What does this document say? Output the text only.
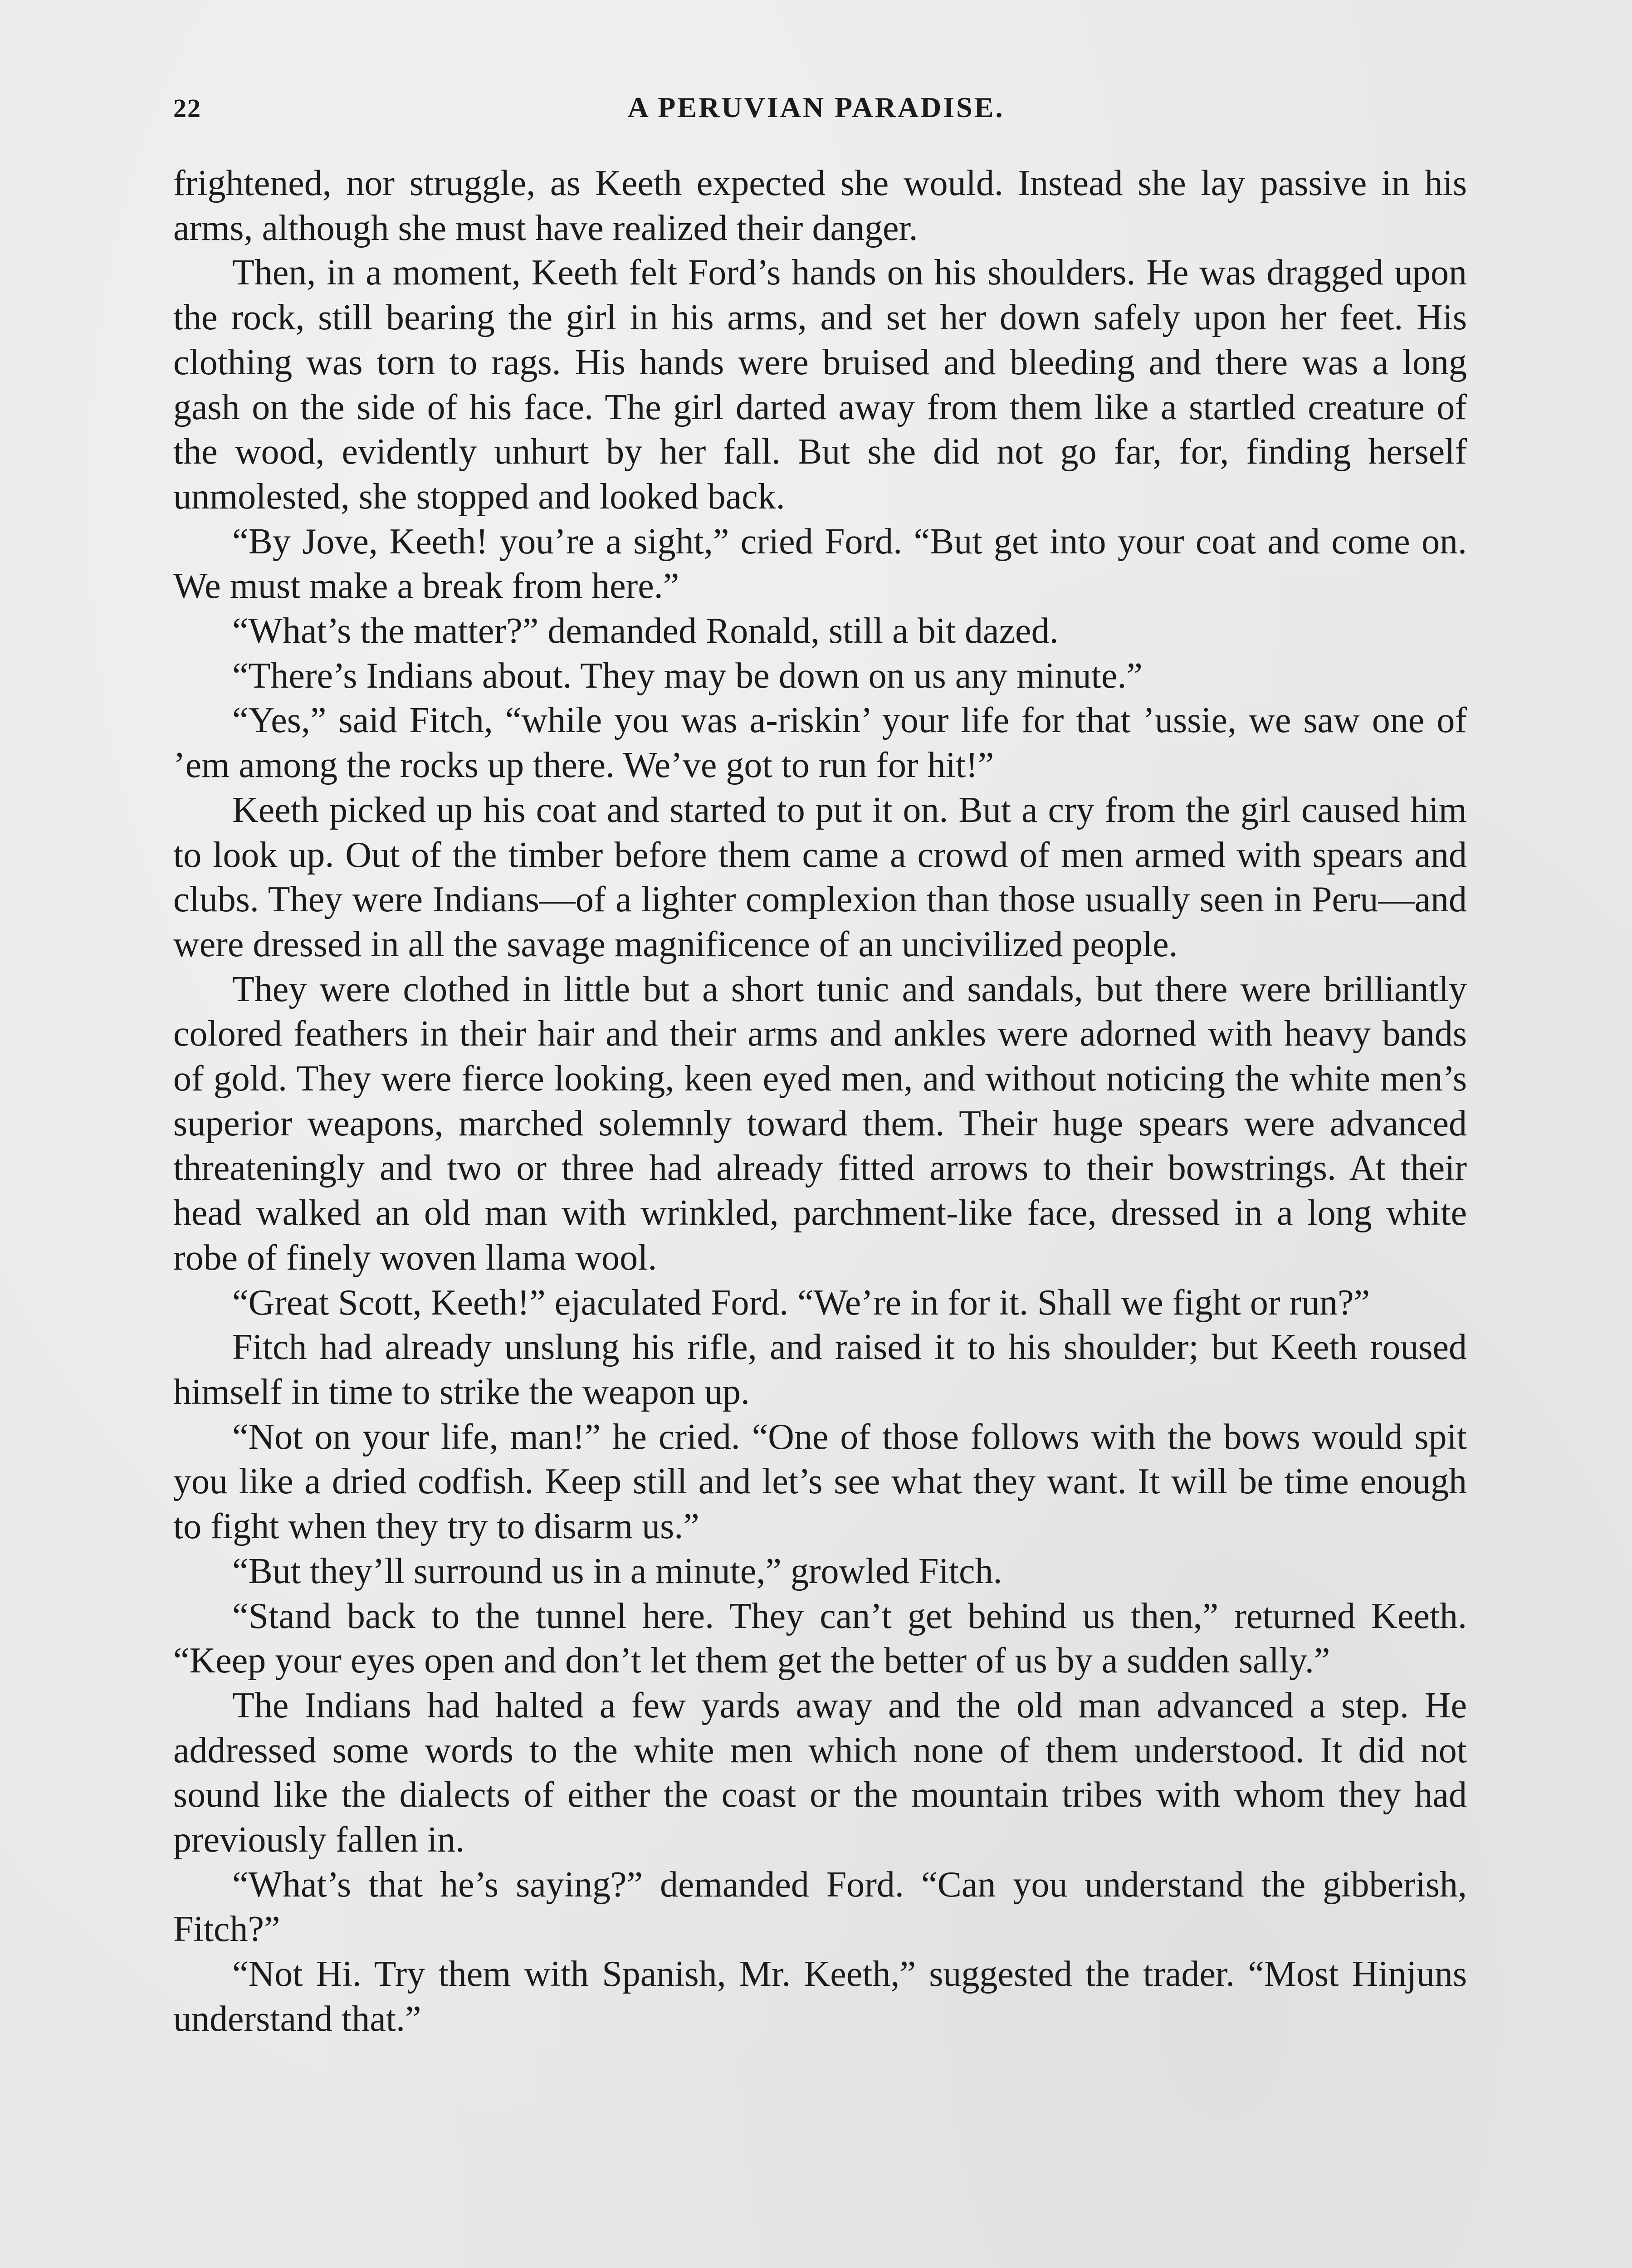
22	A PERUVIAN PARADISE.

frightened, nor struggle, as Keeth expected she would. Instead she lay passive in his arms, although she must have realized their danger.

Then, in a moment, Keeth felt Ford’s hands on his shoulders. He was dragged upon the rock, still bearing the girl in his arms, and set her down safely upon her feet. His clothing was torn to rags. His hands were bruised and bleeding and there was a long gash on the side of his face. The girl darted away from them like a startled creature of the wood, evidently unhurt by her fall. But she did not go far, for, finding herself unmolested, she stopped and looked back.

“By Jove, Keeth! you’re a sight,” cried Ford. “But get into your coat and come on. We must make a break from here.”

“What’s the matter?” demanded Ronald, still a bit dazed.

“There’s Indians about. They may be down on us any minute.”

“Yes,” said Fitch, “while you was a-riskin’ your life for that ’ussie, we saw one of ’em among the rocks up there. We’ve got to run for hit!”

Keeth picked up his coat and started to put it on. But a cry from the girl caused him to look up. Out of the timber before them came a crowd of men armed with spears and clubs. They were Indians—of a lighter complexion than those usually seen in Peru—and were dressed in all the savage magnificence of an uncivilized people.

They were clothed in little but a short tunic and sandals, but there were brilliantly colored feathers in their hair and their arms and ankles were adorned with heavy bands of gold. They were fierce looking, keen eyed men, and without noticing the white men’s superior weapons, marched solemnly toward them. Their huge spears were advanced threateningly and two or three had already fitted arrows to their bowstrings. At their head walked an old man with wrinkled, parchment-like face, dressed in a long white robe of finely woven llama wool.

“Great Scott, Keeth!” ejaculated Ford. “We’re in for it. Shall we fight or run?”

Fitch had already unslung his rifle, and raised it to his shoulder; but Keeth roused himself in time to strike the weapon up.

“Not on your life, man!” he cried. “One of those follows with the bows would spit you like a dried codfish. Keep still and let’s see what they want. It will be time enough to fight when they try to disarm us.”

“But they’ll surround us in a minute,” growled Fitch.

“Stand back to the tunnel here. They can’t get behind us then,” returned Keeth. “Keep your eyes open and don’t let them get the better of us by a sudden sally.”

The Indians had halted a few yards away and the old man advanced a step. He addressed some words to the white men which none of them understood. It did not sound like the dialects of either the coast or the mountain tribes with whom they had previously fallen in.

“What’s that he’s saying?” demanded Ford. “Can you understand the gibberish, Fitch?”

“Not Hi. Try them with Spanish, Mr. Keeth,” suggested the trader. “Most Hinjuns understand that.”
